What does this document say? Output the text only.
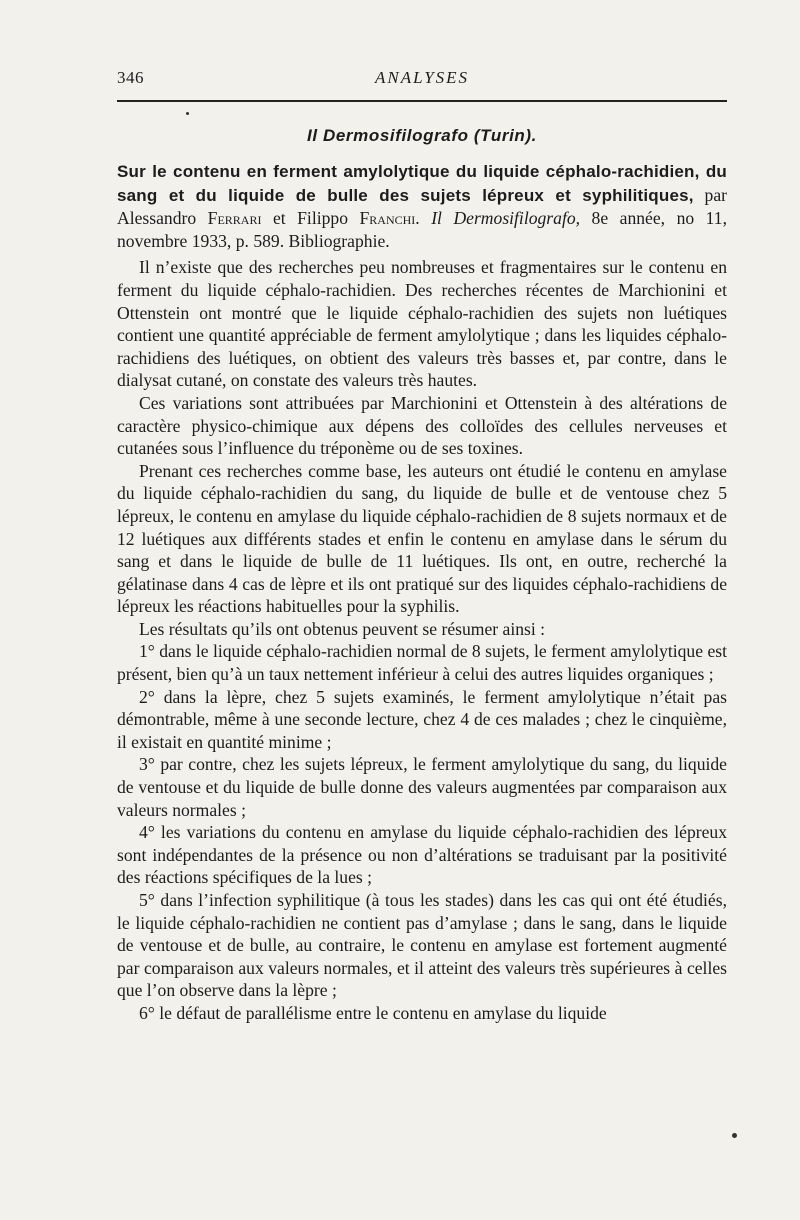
346	ANALYSES
Il Dermosifilografo (Turin).

Sur le contenu en ferment amylolytique du liquide céphalo-rachidien, du sang et du liquide de bulle des sujets lépreux et syphilitiques, par Alessandro Ferrari et Filippo Franchi. Il Dermosifilografo, 8e année, no 11, novembre 1933, p. 589. Bibliographie.

Il n’existe que des recherches peu nombreuses et fragmentaires sur le contenu en ferment du liquide céphalo-rachidien. Des recherches récentes de Marchionini et Ottenstein ont montré que le liquide céphalo-rachidien des sujets non luétiques contient une quantité appréciable de ferment amylolytique ; dans les liquides céphalo-rachidiens des luétiques, on obtient des valeurs très basses et, par contre, dans le dialysat cutané, on constate des valeurs très hautes.

Ces variations sont attribuées par Marchionini et Ottenstein à des altérations de caractère physico-chimique aux dépens des colloïdes des cellules nerveuses et cutanées sous l’influence du tréponème ou de ses toxines.

Prenant ces recherches comme base, les auteurs ont étudié le contenu en amylase du liquide céphalo-rachidien du sang, du liquide de bulle et de ventouse chez 5 lépreux, le contenu en amylase du liquide céphalo-rachidien de 8 sujets normaux et de 12 luétiques aux différents stades et enfin le contenu en amylase dans le sérum du sang et dans le liquide de bulle de 11 luétiques. Ils ont, en outre, recherché la gélatinase dans 4 cas de lèpre et ils ont pratiqué sur des liquides céphalo-rachidiens de lépreux les réactions habituelles pour la syphilis.

Les résultats qu’ils ont obtenus peuvent se résumer ainsi :

1° dans le liquide céphalo-rachidien normal de 8 sujets, le ferment amylolytique est présent, bien qu’à un taux nettement inférieur à celui des autres liquides organiques ;

2° dans la lèpre, chez 5 sujets examinés, le ferment amylolytique n’était pas démontrable, même à une seconde lecture, chez 4 de ces malades ; chez le cinquième, il existait en quantité minime ;

3° par contre, chez les sujets lépreux, le ferment amylolytique du sang, du liquide de ventouse et du liquide de bulle donne des valeurs augmentées par comparaison aux valeurs normales ;

4° les variations du contenu en amylase du liquide céphalo-rachidien des lépreux sont indépendantes de la présence ou non d’altérations se traduisant par la positivité des réactions spécifiques de la lues ;

5° dans l’infection syphilitique (à tous les stades) dans les cas qui ont été étudiés, le liquide céphalo-rachidien ne contient pas d’amylase ; dans le sang, dans le liquide de ventouse et de bulle, au contraire, le contenu en amylase est fortement augmenté par comparaison aux valeurs normales, et il atteint des valeurs très supérieures à celles que l’on observe dans la lèpre ;

6° le défaut de parallélisme entre le contenu en amylase du liquide
